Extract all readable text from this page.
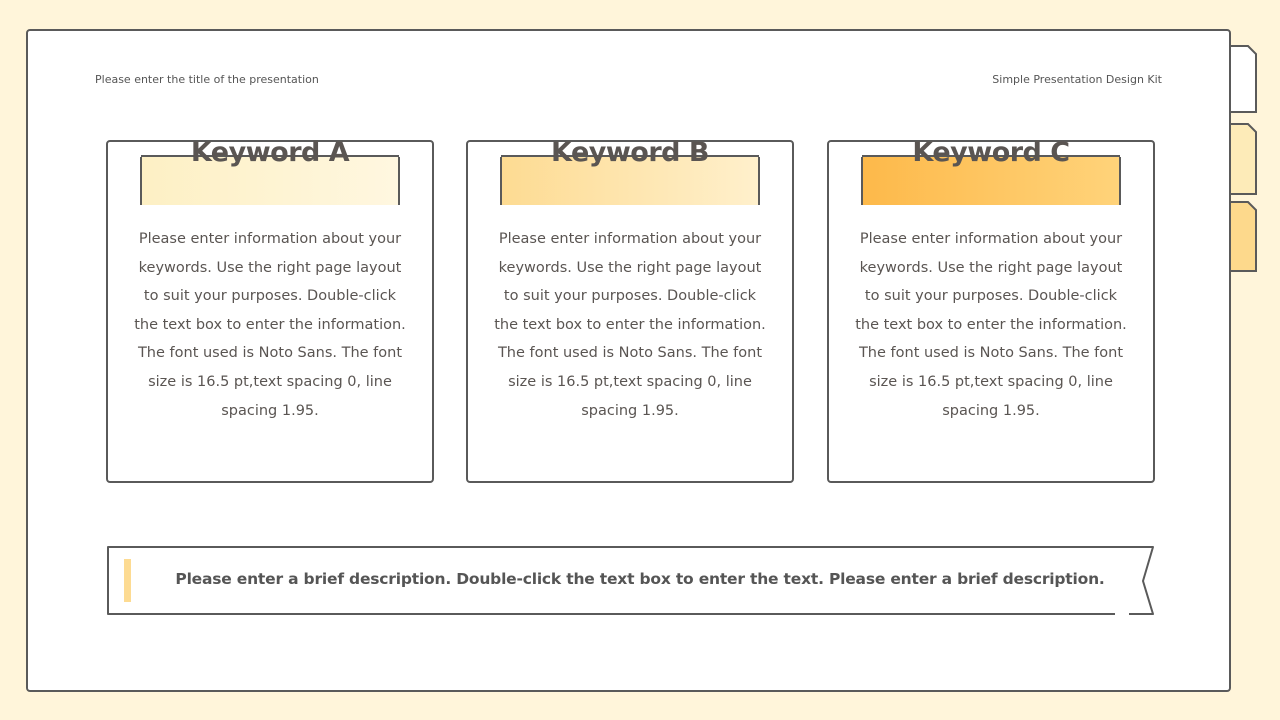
Please enter the title of the presentation	Simple Presentation Design Kit
Keyword A
Please enter information about your keywords. Use the right page layout to suit your purposes. Double-click the text box to enter the information. The font used is Noto Sans. The font size is 16.5 pt,text spacing 0, line spacing 1.95.
Keyword B
Please enter information about your keywords. Use the right page layout to suit your purposes. Double-click the text box to enter the information. The font used is Noto Sans. The font size is 16.5 pt,text spacing 0, line spacing 1.95.
Keyword C
Please enter information about your keywords. Use the right page layout to suit your purposes. Double-click the text box to enter the information. The font used is Noto Sans. The font size is 16.5 pt,text spacing 0, line spacing 1.95.
Please enter a brief description. Double-click the text box to enter the text. Please enter a brief description.
